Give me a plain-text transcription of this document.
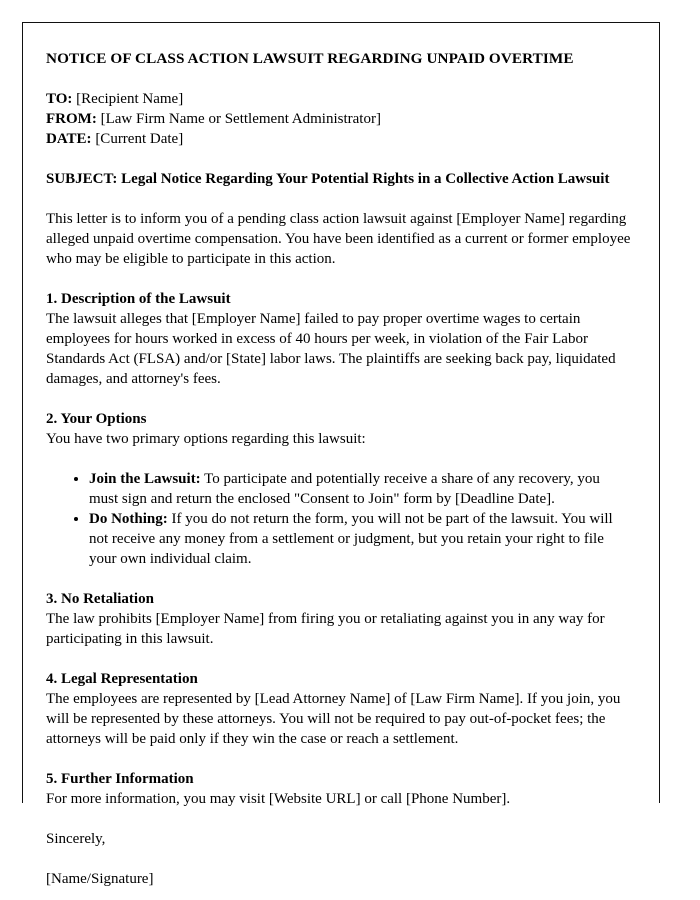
NOTICE OF CLASS ACTION LAWSUIT REGARDING UNPAID OVERTIME
TO: [Recipient Name]
FROM: [Law Firm Name or Settlement Administrator]
DATE: [Current Date]
SUBJECT: Legal Notice Regarding Your Potential Rights in a Collective Action Lawsuit

This letter is to inform you of a pending class action lawsuit against [Employer Name] regarding alleged unpaid overtime compensation. You have been identified as a current or former employee who may be eligible to participate in this action.

1. Description of the Lawsuit
The lawsuit alleges that [Employer Name] failed to pay proper overtime wages to certain employees for hours worked in excess of 40 hours per week, in violation of the Fair Labor Standards Act (FLSA) and/or [State] labor laws. The plaintiffs are seeking back pay, liquidated damages, and attorney's fees.
2. Your Options
You have two primary options regarding this lawsuit:
• Join the Lawsuit: To participate and potentially receive a share of any recovery, you must sign and return the enclosed "Consent to Join" form by [Deadline Date].
• Do Nothing: If you do not return the form, you will not be part of the lawsuit. You will not receive any money from a settlement or judgment, but you retain your right to file your own individual claim.
3. No Retaliation
The law prohibits [Employer Name] from firing you or retaliating against you in any way for participating in this lawsuit.
4. Legal Representation
The employees are represented by [Lead Attorney Name] of [Law Firm Name]. If you join, you will be represented by these attorneys. You will not be required to pay out-of-pocket fees; the attorneys will be paid only if they win the case or reach a settlement.
5. Further Information
For more information, you may visit [Website URL] or call [Phone Number].
Sincerely,
[Name/Signature]
